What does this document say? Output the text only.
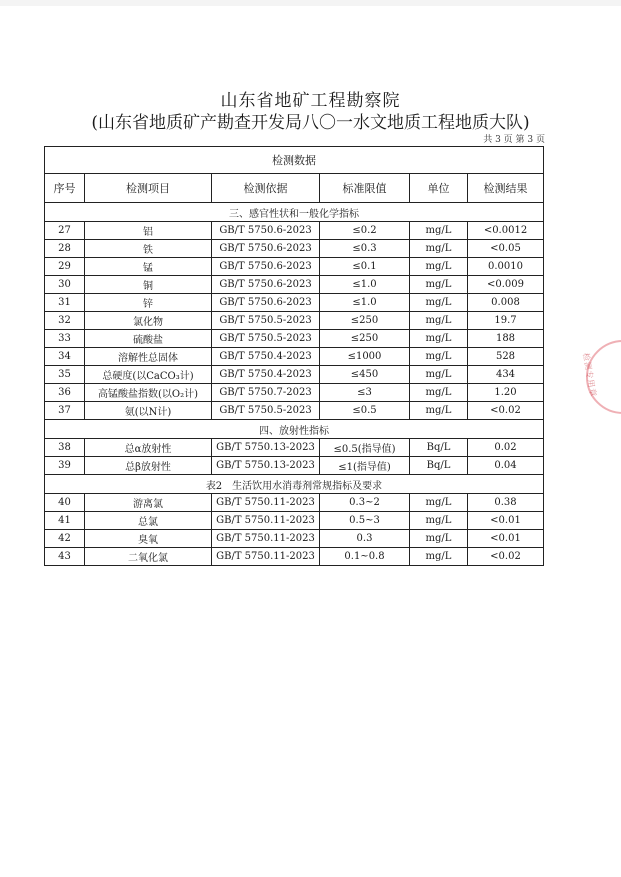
山东省地矿工程勘察院
(山东省地质矿产勘查开发局八〇一水文地质工程地质大队)
共 3 页 第 3 页
检测数据					
序号	检测项目	检测依据	标准限值	单位	检测结果
三、感官性状和一般化学指标					
27	铝	GB/T 5750.6-2023	≤0.2	mg/L	<0.0012
28	铁	GB/T 5750.6-2023	≤0.3	mg/L	<0.05
29	锰	GB/T 5750.6-2023	≤0.1	mg/L	0.0010
30	铜	GB/T 5750.6-2023	≤1.0	mg/L	<0.009
31	锌	GB/T 5750.6-2023	≤1.0	mg/L	0.008
32	氯化物	GB/T 5750.5-2023	≤250	mg/L	19.7
33	硫酸盐	GB/T 5750.5-2023	≤250	mg/L	188
34	溶解性总固体	GB/T 5750.4-2023	≤1000	mg/L	528
35	总硬度(以CaCO₃计)	GB/T 5750.4-2023	≤450	mg/L	434
36	高锰酸盐指数(以O₂计)	GB/T 5750.7-2023	≤3	mg/L	1.20
37	氨(以N计)	GB/T 5750.5-2023	≤0.5	mg/L	<0.02
四、放射性指标					
38	总α放射性	GB/T 5750.13-2023	≤0.5(指导值)	Bq/L	0.02
39	总β放射性	GB/T 5750.13-2023	≤1(指导值)	Bq/L	0.04
表2　生活饮用水消毒剂常规指标及要求					
40	游离氯	GB/T 5750.11-2023	0.3~2	mg/L	0.38
41	总氯	GB/T 5750.11-2023	0.5~3	mg/L	<0.01
42	臭氧	GB/T 5750.11-2023	0.3	mg/L	<0.01
43	二氧化氯	GB/T 5750.11-2023	0.1~0.8	mg/L	<0.02
检测专用章
